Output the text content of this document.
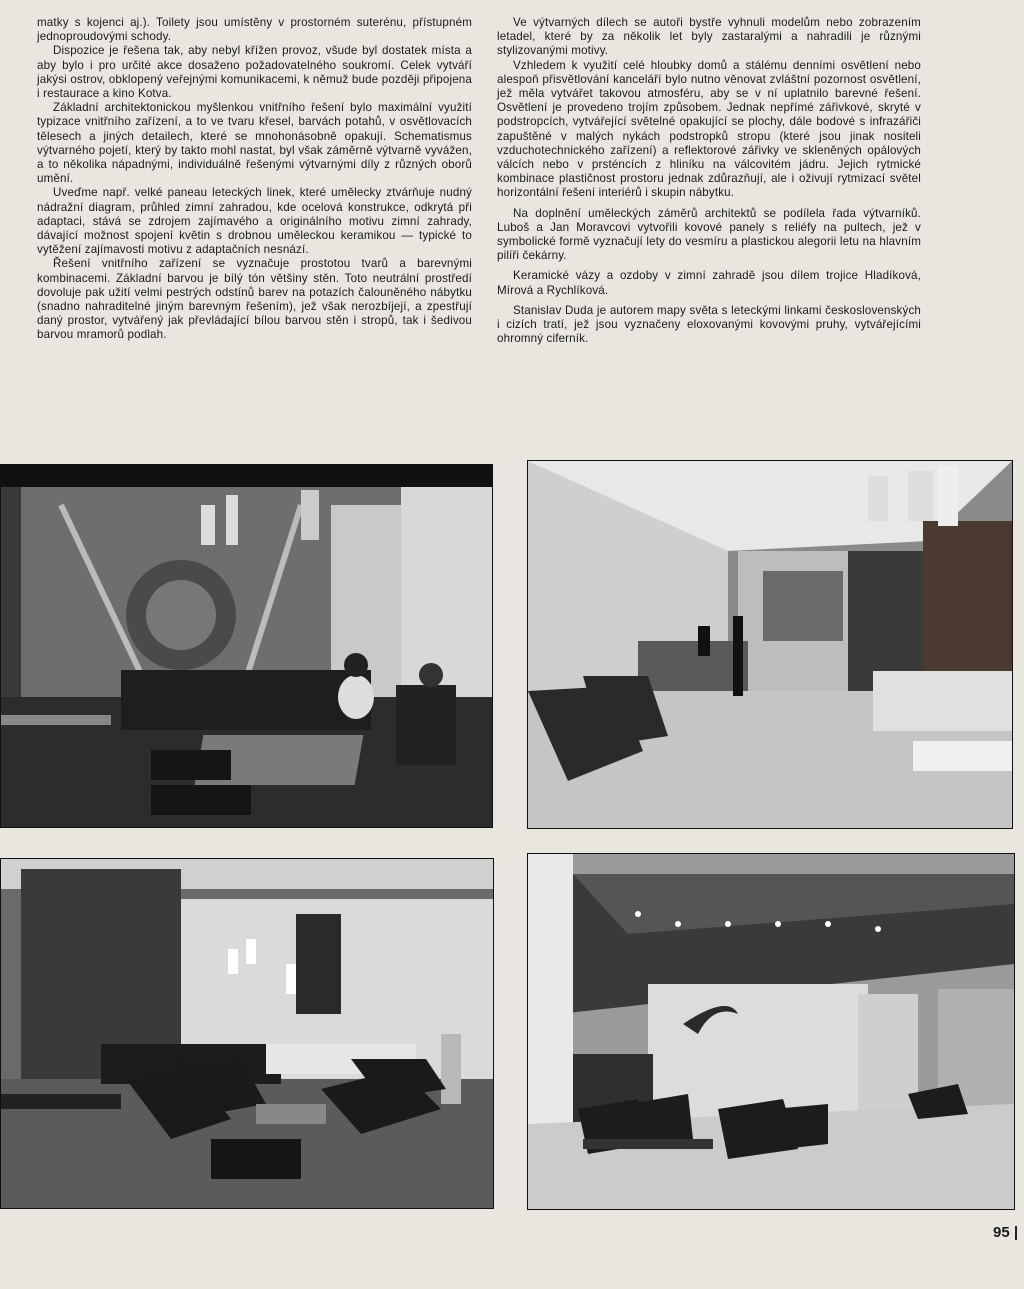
matky s kojenci aj.). Toilety jsou umístěny v prostorném suterénu, přístupném jednoproudovými schody.

Dispozice je řešena tak, aby nebyl křížen provoz, všude byl dostatek místa a aby bylo i pro určité akce dosaženo požadovatelného soukromí. Celek vytváří jakýsi ostrov, obklopený veřejnými komunikacemi, k němuž bude později připojena i restaurace a kino Kotva.

Základní architektonickou myšlenkou vnitřního řešení bylo maximální využití typizace vnitřního zařízení, a to ve tvaru křesel, barvách potahů, v osvětlovacích tělesech a jiných detailech, které se mnohonásobně opakují. Schematismus výtvarného pojetí, který by takto mohl nastat, byl však záměrně výtvarně vyvážen, a to několika nápadnými, individuálně řešenými výtvarnými díly z různých oborů umění.

Uveďme např. velké paneau leteckých linek, které umělecky ztvárňuje nudný nádražní diagram, průhled zimní zahradou, kde ocelová konstrukce, odkrytá při adaptaci, stává se zdrojem zajímavého a originálního motivu zimní zahrady, dávající možnost spojení květin s drobnou uměleckou keramikou — typické to vytěžení zajímavosti motivu z adaptačních nesnází.

Řešení vnitřního zařízení se vyznačuje prostotou tvarů a barevnými kombinacemi. Základní barvou je bílý tón většiny stěn. Toto neutrální prostředí dovoluje pak užití velmi pestrých odstínů barev na potazích čalouněného nábytku (snadno nahraditelné jiným barevným řešením), jež však nerozbíjejí, a zpestřují daný prostor, vytvářený jak převládající bílou barvou stěn i stropů, tak i šedivou barvou mramorů podlah.

Ve výtvarných dílech se autoři bystře vyhnuli modelům nebo zobrazením letadel, které by za několik let byly zastaralými a nahradili je různými stylizovanými motivy.

Vzhledem k využití celé hloubky domů a stálému denními osvětlení nebo alespoň přisvětlování kanceláří bylo nutno věnovat zvláštní pozornost osvětlení, jež měla vytvářet takovou atmosféru, aby se v ní uplatnilo barevné řešení. Osvětlení je provedeno trojím způsobem. Jednak nepřímé zářivkové, skryté v podstropcích, vytvářející světelné opakující se plochy, dále bodové s infrazářiči zapuštěné v malých nykách podstropků stropu (které jsou jinak nositeli vzduchotechnického zařízení) a reflektorové zářivky ve skleněných opálových válcích nebo v prsténcích z hliníku na válcovitém jádru. Jejich rytmické kombinace plastičnost prostoru jednak zdůrazňují, ale i oživují rytmizací světel horizontální řešení interiérů i skupin nábytku.

Na doplnění uměleckých záměrů architektů se podílela řada výtvarníků. Luboš a Jan Moravcovi vytvořili kovové panely s reliéfy na pultech, jež v symbolické formě vyznačují lety do vesmíru a plastickou alegorii letu na hlavním pilíři čekárny.

Keramické vázy a ozdoby v zimní zahradě jsou dílem trojice Hladíková, Mírová a Rychlíková.

Stanislav Duda je autorem mapy světa s leteckými linkami československých i cizích tratí, jež jsou vyznačeny eloxovanými kovovými pruhy, vytvářejícími ohromný ciferník.

95
